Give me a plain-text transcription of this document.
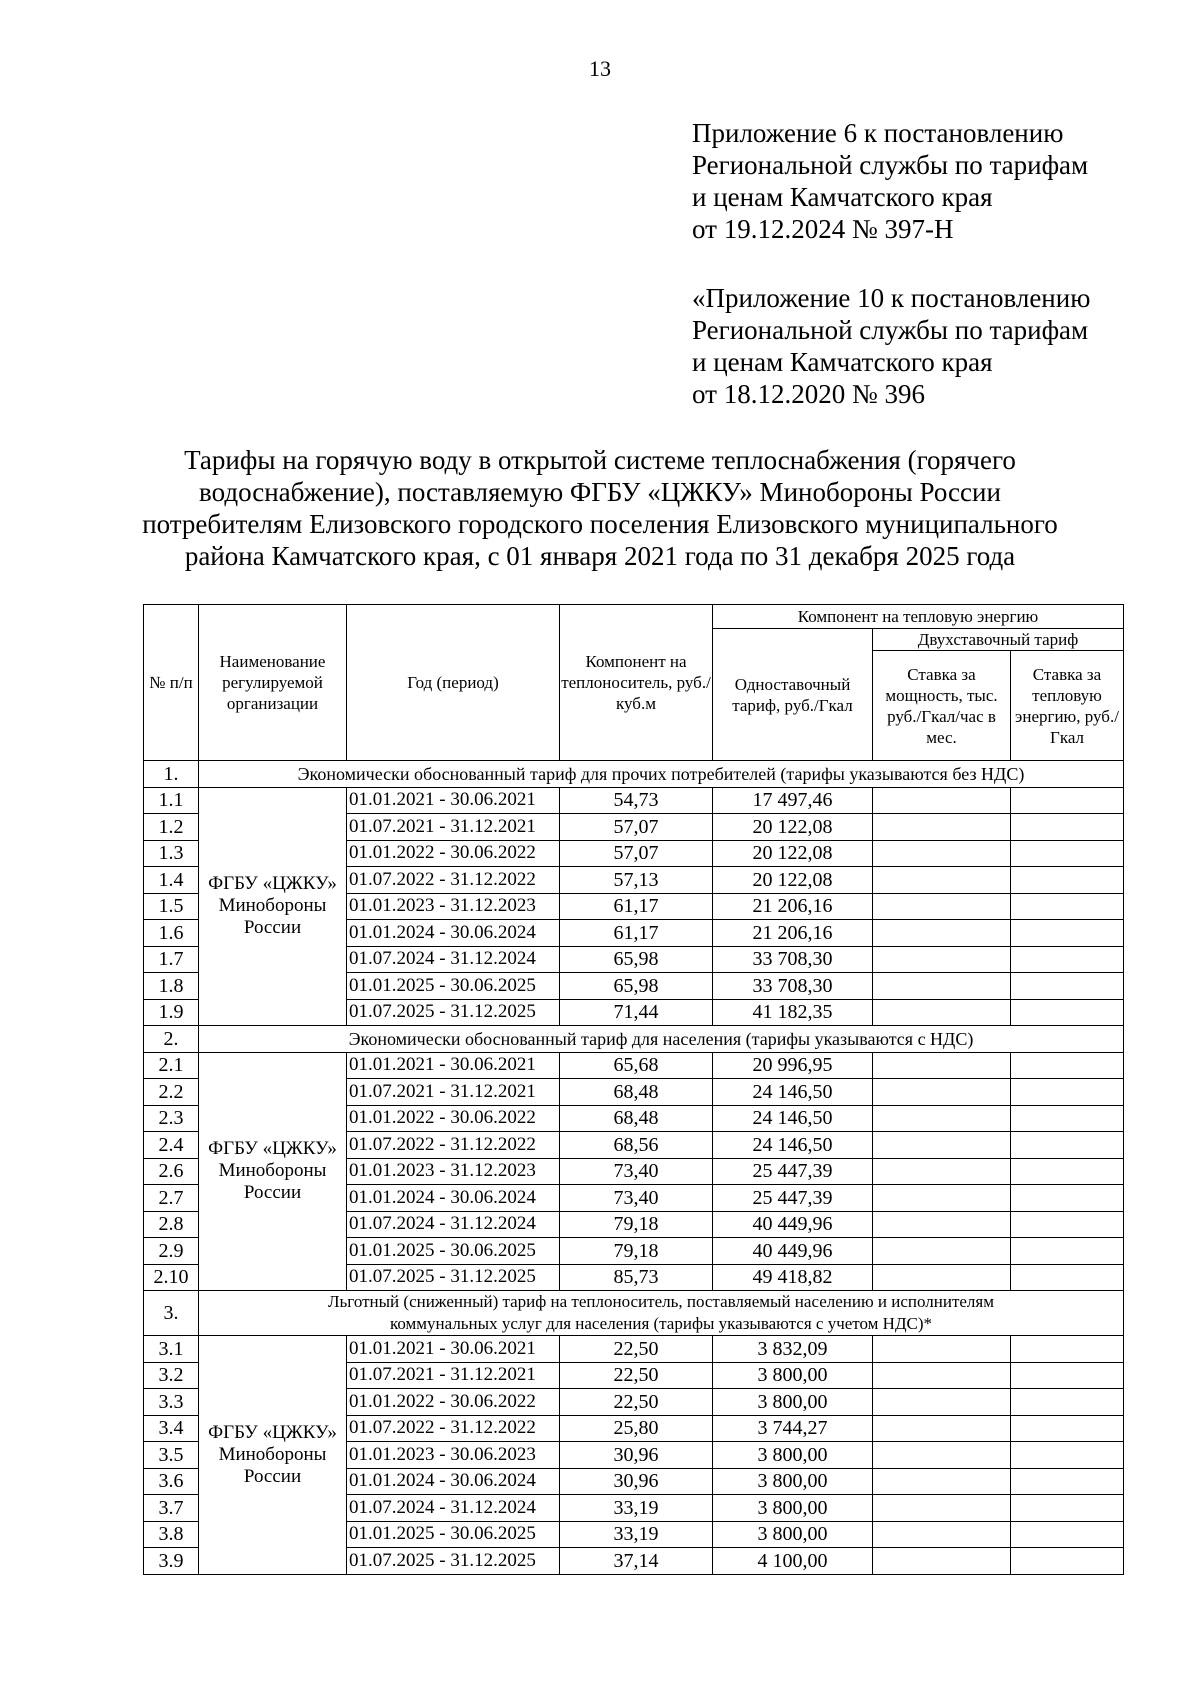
13
Приложение 6 к постановлению
Региональной службы по тарифам
и ценам Камчатского края
от 19.12.2024 № 397-Н
«Приложение 10 к постановлению
Региональной службы по тарифам
и ценам Камчатского края
от 18.12.2020 № 396
Тарифы на горячую воду в открытой системе теплоснабжения (горячего
водоснабжение), поставляемую ФГБУ «ЦЖКУ» Минобороны России
потребителям Елизовского городского поселения Елизовского муниципального
района Камчатского края, с 01 января 2021 года по 31 декабря 2025 года
№ п/п	Наименование регулируемой организации	Год (период)	Компонент на теплоноситель, руб./куб.м	Компонент на тепловую энергию		
				Одноставочный тариф, руб./Гкал	Двухставочный тариф	
					Ставка за мощность, тыс. руб./Гкал/час в мес.	Ставка за тепловую энергию, руб./Гкал
1.	Экономически обоснованный тариф для прочих потребителей (тарифы указываются без НДС)					
1.1	ФГБУ «ЦЖКУ» Минобороны России	01.01.2021 - 30.06.2021	54,73	17 497,46		
1.2		01.07.2021 - 31.12.2021	57,07	20 122,08		
1.3		01.01.2022 - 30.06.2022	57,07	20 122,08		
1.4		01.07.2022 - 31.12.2022	57,13	20 122,08		
1.5		01.01.2023 - 31.12.2023	61,17	21 206,16		
1.6		01.01.2024 - 30.06.2024	61,17	21 206,16		
1.7		01.07.2024 - 31.12.2024	65,98	33 708,30		
1.8		01.01.2025 - 30.06.2025	65,98	33 708,30		
1.9		01.07.2025 - 31.12.2025	71,44	41 182,35		
2.	Экономически обоснованный тариф для населения (тарифы указываются с НДС)					
2.1	ФГБУ «ЦЖКУ» Минобороны России	01.01.2021 - 30.06.2021	65,68	20 996,95		
2.2		01.07.2021 - 31.12.2021	68,48	24 146,50		
2.3		01.01.2022 - 30.06.2022	68,48	24 146,50		
2.4		01.07.2022 - 31.12.2022	68,56	24 146,50		
2.6		01.01.2023 - 31.12.2023	73,40	25 447,39		
2.7		01.01.2024 - 30.06.2024	73,40	25 447,39		
2.8		01.07.2024 - 31.12.2024	79,18	40 449,96		
2.9		01.01.2025 - 30.06.2025	79,18	40 449,96		
2.10		01.07.2025 - 31.12.2025	85,73	49 418,82		
3.	Льготный (сниженный) тариф на теплоноситель, поставляемый населению и исполнителям
коммунальных услуг для населения (тарифы указываются с учетом НДС)*					

3.1	ФГБУ «ЦЖКУ» Минобороны России	01.01.2021 - 30.06.2021	22,50	3 832,09		
3.2		01.07.2021 - 31.12.2021	22,50	3 800,00		
3.3		01.01.2022 - 30.06.2022	22,50	3 800,00		
3.4		01.07.2022 - 31.12.2022	25,80	3 744,27		
3.5		01.01.2023 - 30.06.2023	30,96	3 800,00		
3.6		01.01.2024 - 30.06.2024	30,96	3 800,00		
3.7		01.07.2024 - 31.12.2024	33,19	3 800,00		
3.8		01.01.2025 - 30.06.2025	33,19	3 800,00		
3.9		01.07.2025 - 31.12.2025	37,14	4 100,00		
